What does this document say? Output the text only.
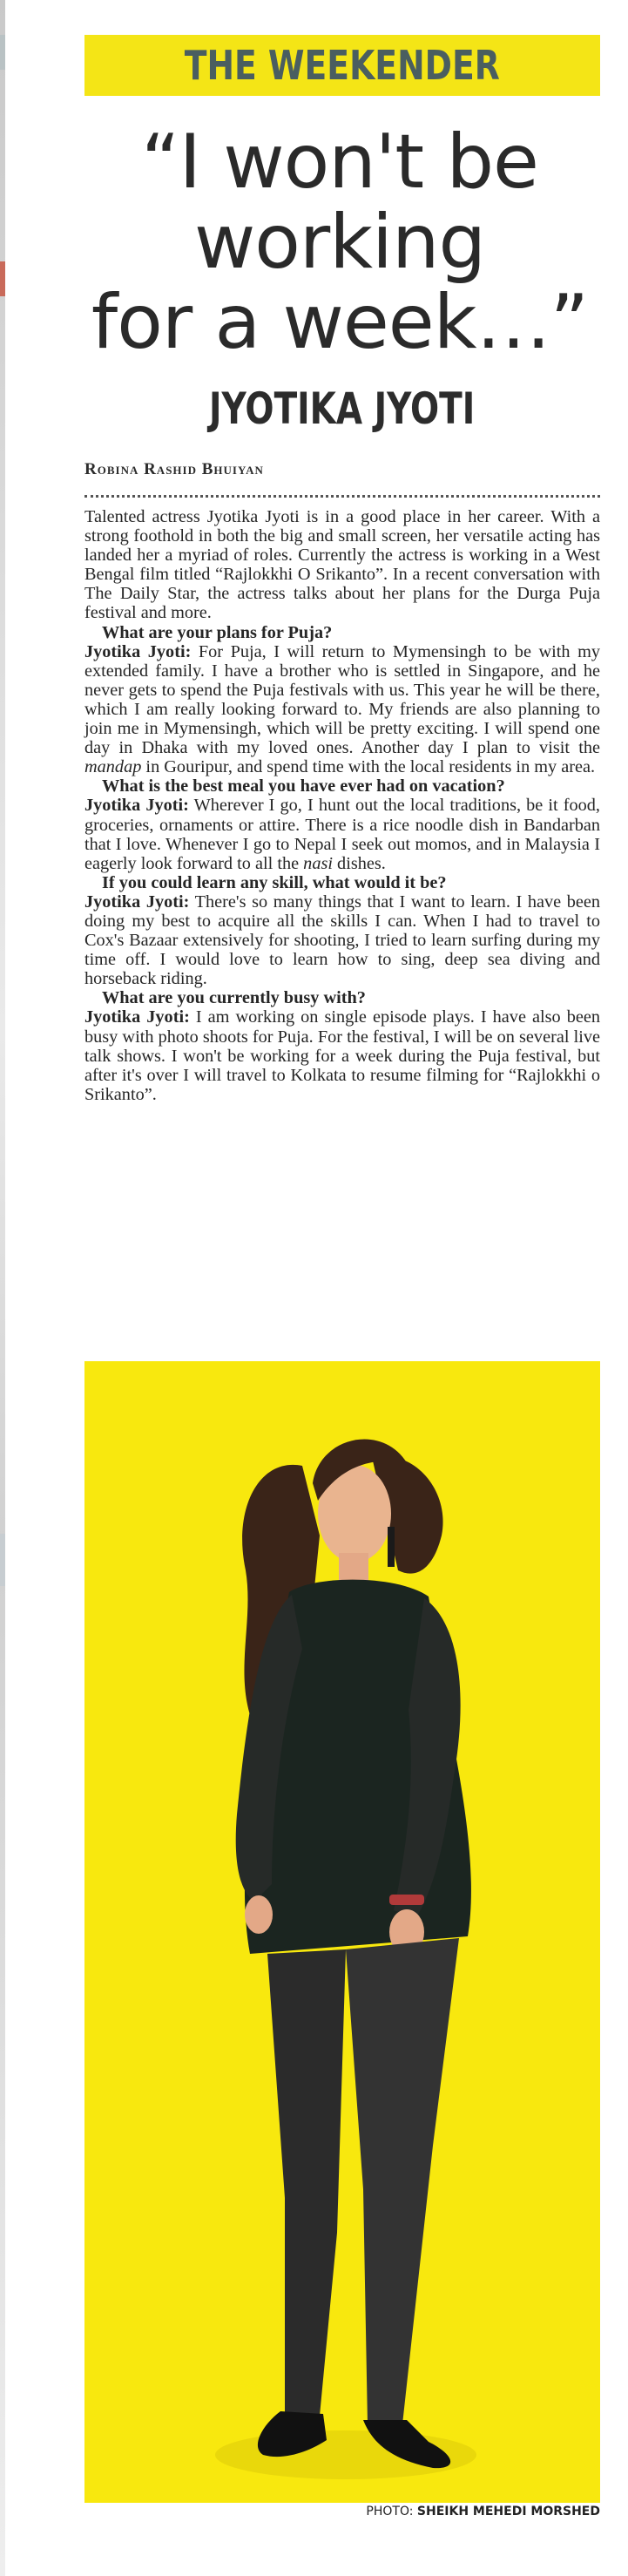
THE WEEKENDER
“I won't be
working
for a week…”
JYOTIKA JYOTI
Robina Rashid Bhuiyan

Talented actress Jyotika Jyoti is in a good place in her career. With a strong foothold in both the big and small screen, her versatile acting has landed her a myriad of roles. Currently the actress is working in a West Bengal film titled “Rajlokkhi O Srikanto”. In a recent conversation with The Daily Star, the actress talks about her plans for the Durga Puja festival and more.

What are your plans for Puja?

Jyotika Jyoti: For Puja, I will return to Mymensingh to be with my extended family. I have a brother who is settled in Singapore, and he never gets to spend the Puja festivals with us. This year he will be there, which I am really looking forward to. My friends are also planning to join me in Mymensingh, which will be pretty exciting. I will spend one day in Dhaka with my loved ones. Another day I plan to visit the mandap in Gouripur, and spend time with the local residents in my area.

What is the best meal you have ever had on vacation?

Jyotika Jyoti: Wherever I go, I hunt out the local traditions, be it food, groceries, ornaments or attire. There is a rice noodle dish in Bandarban that I love. Whenever I go to Nepal I seek out momos, and in Malaysia I eagerly look forward to all the nasi dishes.

If you could learn any skill, what would it be?

Jyotika Jyoti: There's so many things that I want to learn. I have been doing my best to acquire all the skills I can. When I had to travel to Cox's Bazaar extensively for shooting, I tried to learn surfing during my time off. I would love to learn how to sing, deep sea diving and horseback riding.

What are you currently busy with?

Jyotika Jyoti: I am working on single episode plays. I have also been busy with photo shoots for Puja. For the festival, I will be on several live talk shows. I won't be working for a week during the Puja festival, but after it's over I will travel to Kolkata to resume filming for “Rajlokkhi o Srikanto”.

PHOTO: SHEIKH MEHEDI MORSHED
